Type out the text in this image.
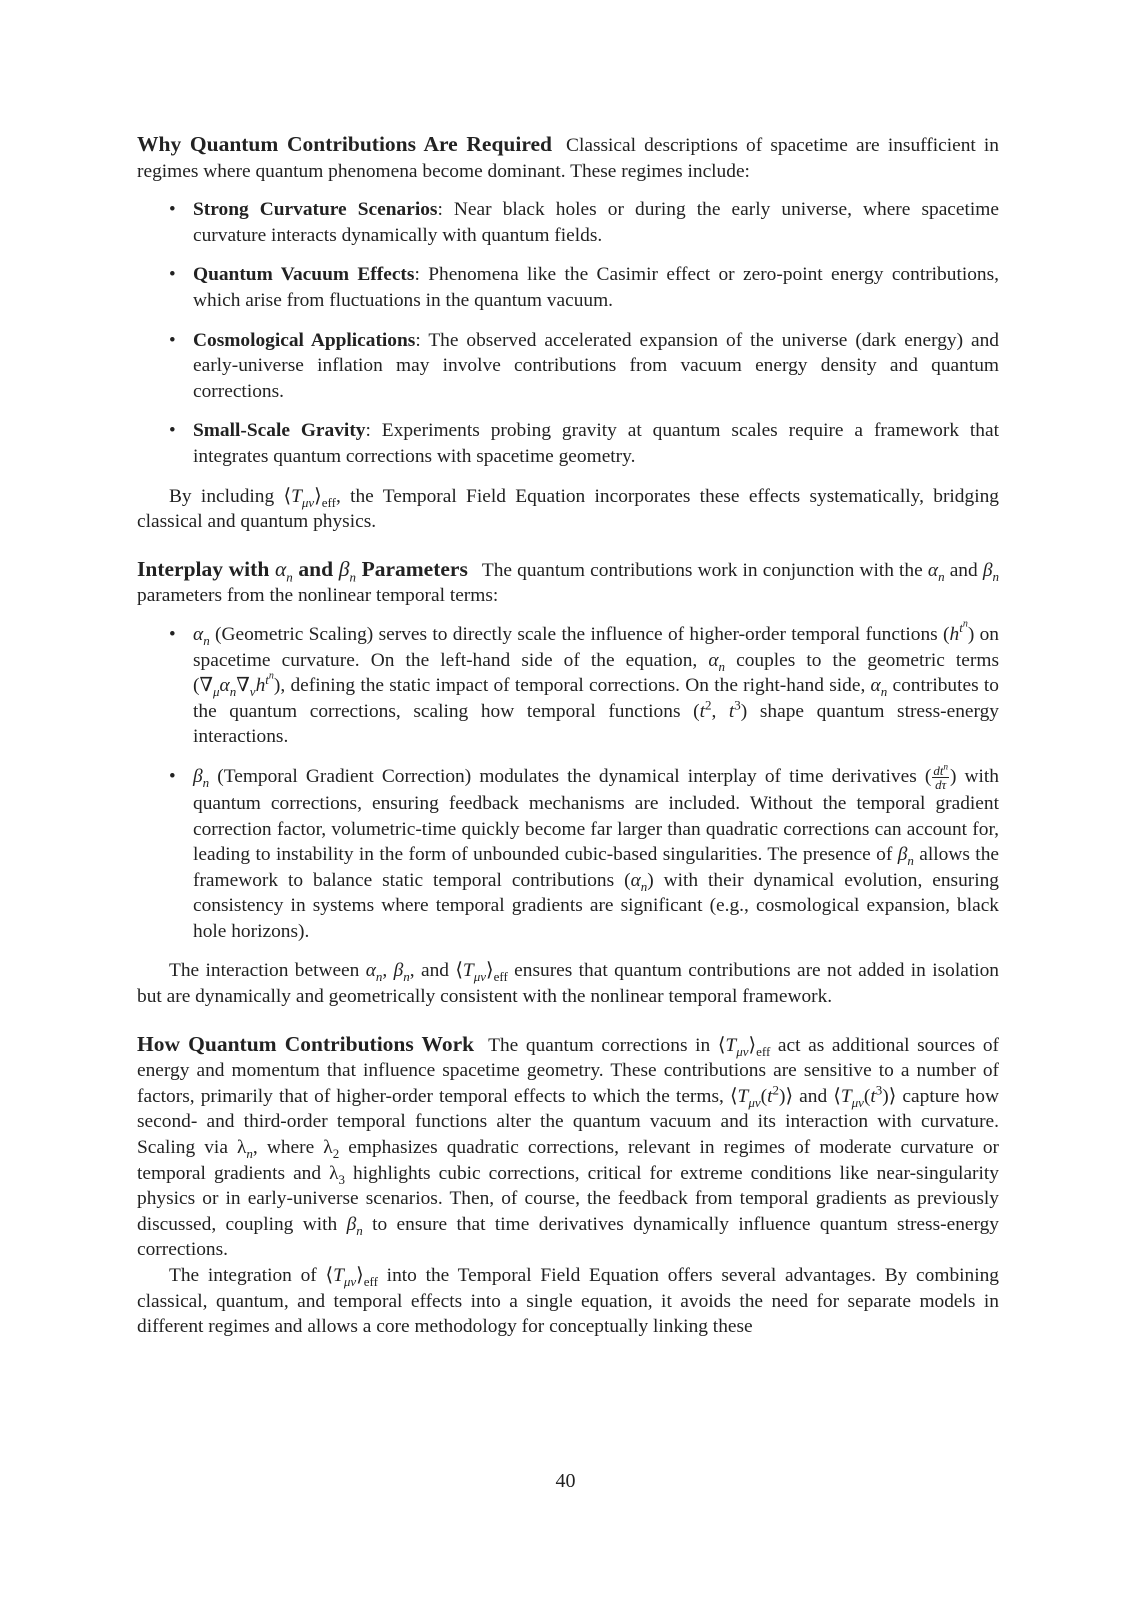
Why Quantum Contributions Are Required Classical descriptions of spacetime are insufficient in regimes where quantum phenomena become dominant. These regimes include:

• Strong Curvature Scenarios: Near black holes or during the early universe, where spacetime curvature interacts dynamically with quantum fields.
• Quantum Vacuum Effects: Phenomena like the Casimir effect or zero-point energy contributions, which arise from fluctuations in the quantum vacuum.
• Cosmological Applications: The observed accelerated expansion of the universe (dark energy) and early-universe inflation may involve contributions from vacuum energy density and quantum corrections.
• Small-Scale Gravity: Experiments probing gravity at quantum scales require a framework that integrates quantum corrections with spacetime geometry.

By including $⟨T_{\mu\nu}⟩_{eff}$, the Temporal Field Equation incorporates these effects systematically, bridging classical and quantum physics.

Interplay with $\alpha_n$ and $\beta_n$ Parameters The quantum contributions work in conjunction with the $\alpha_n$ and $\beta_n$ parameters from the nonlinear temporal terms:

• $\alpha_n$ (Geometric Scaling) serves to directly scale the influence of higher-order temporal functions $(h^{t^n})$ on spacetime curvature. On the left-hand side of the equation, $\alpha_n$ couples to the geometric terms $(\nabla_\mu\alpha_n\nabla_\nu h^{t^n})$, defining the static impact of temporal corrections. On the right-hand side, $\alpha_n$ contributes to the quantum corrections, scaling how temporal functions ($t^2$, $t^3$) shape quantum stress-energy interactions.
• $\beta_n$ (Temporal Gradient Correction) modulates the dynamical interplay of time derivatives ( $\frac{dt^n}{d\tau}$ ) with quantum corrections, ensuring feedback mechanisms are included. Without the temporal gradient correction factor, volumetric-time quickly become far larger than quadratic corrections can account for, leading to instability in the form of unbounded cubic-based singularities. The presence of $\beta_n$ allows the framework to balance static temporal contributions $(\alpha_n)$ with their dynamical evolution, ensuring consistency in systems where temporal gradients are significant (e.g., cosmological expansion, black hole horizons).

The interaction between $\alpha_n$, $\beta_n$, and $⟨T_{\mu\nu}⟩_{eff}$ ensures that quantum contributions are not added in isolation but are dynamically and geometrically consistent with the nonlinear temporal framework.

How Quantum Contributions Work The quantum corrections in $⟨T_{\mu\nu}⟩_{eff}$ act as additional sources of energy and momentum that influence spacetime geometry. These contributions are sensitive to a number of factors, primarily that of higher-order temporal effects to which the terms, $⟨T_{\mu\nu}(t^2)⟩$ and $⟨T_{\mu\nu}(t^3)⟩$ capture how second- and third-order temporal functions alter the quantum vacuum and its interaction with curvature. Scaling via $\lambda_n$, where $\lambda_2$ emphasizes quadratic corrections, relevant in regimes of moderate curvature or temporal gradients and $\lambda_3$ highlights cubic corrections, critical for extreme conditions like near-singularity physics or in early-universe scenarios. Then, of course, the feedback from temporal gradients as previously discussed, coupling with $\beta_n$ to ensure that time derivatives dynamically influence quantum stress-energy corrections.

The integration of $⟨T_{\mu\nu}⟩_{eff}$ into the Temporal Field Equation offers several advantages. By combining classical, quantum, and temporal effects into a single equation, it avoids the need for separate models in different regimes and allows a core methodology for conceptually linking these

40
